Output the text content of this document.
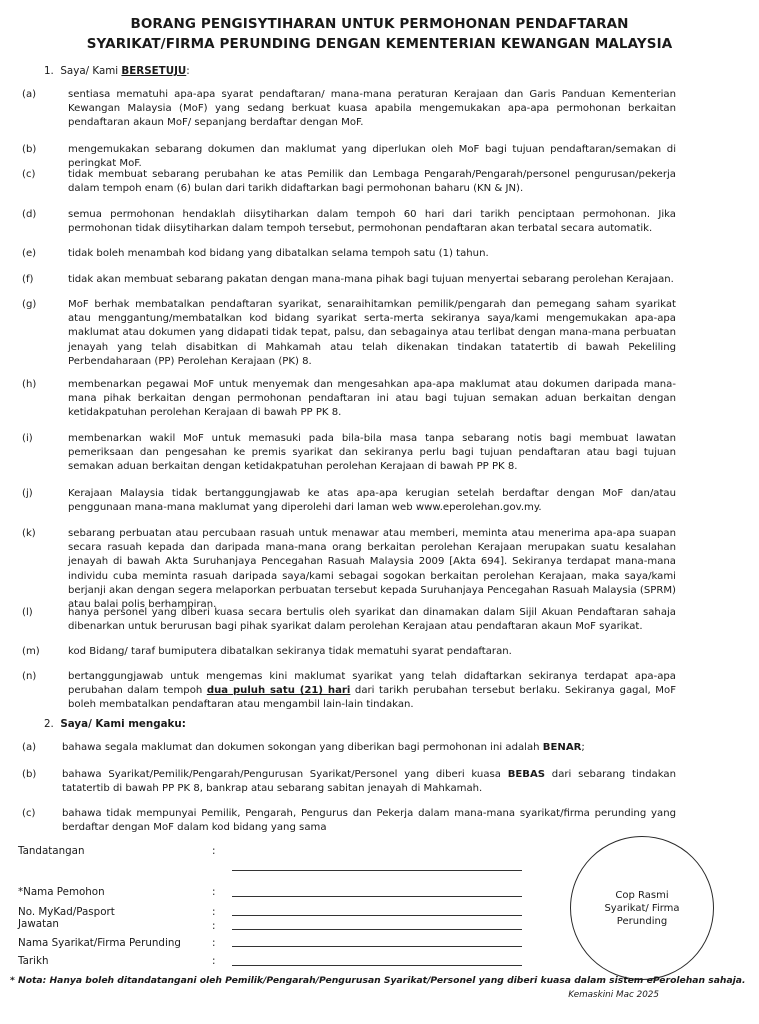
BORANG PENGISYTIHARAN UNTUK PERMOHONAN PENDAFTARAN
SYARIKAT/FIRMA PERUNDING DENGAN KEMENTERIAN KEWANGAN MALAYSIA
1. Saya/ Kami BERSETUJU:
(a)	sentiasa mematuhi apa-apa syarat pendaftaran/ mana-mana peraturan Kerajaan dan Garis Panduan Kementerian Kewangan Malaysia (MoF) yang sedang berkuat kuasa apabila mengemukakan apa-apa permohonan berkaitan pendaftaran akaun MoF/ sepanjang berdaftar dengan MoF.
(b)	mengemukakan sebarang dokumen dan maklumat yang diperlukan oleh MoF bagi tujuan pendaftaran/semakan di peringkat MoF.
(c)	tidak membuat sebarang perubahan ke atas Pemilik dan Lembaga Pengarah/Pengarah/personel pengurusan/pekerja dalam tempoh enam (6) bulan dari tarikh didaftarkan bagi permohonan baharu (KN & JN).
(d)	semua permohonan hendaklah diisytiharkan dalam tempoh 60 hari dari tarikh penciptaan permohonan. Jika permohonan tidak diisytiharkan dalam tempoh tersebut, permohonan pendaftaran akan terbatal secara automatik.
(e)	tidak boleh menambah kod bidang yang dibatalkan selama tempoh satu (1) tahun.
(f)	tidak akan membuat sebarang pakatan dengan mana-mana pihak bagi tujuan menyertai sebarang perolehan Kerajaan.
(g)	MoF berhak membatalkan pendaftaran syarikat, senaraihitamkan pemilik/pengarah dan pemegang saham syarikat atau menggantung/membatalkan kod bidang syarikat serta-merta sekiranya saya/kami mengemukakan apa-apa maklumat atau dokumen yang didapati tidak tepat, palsu, dan sebagainya atau terlibat dengan mana-mana perbuatan jenayah yang telah disabitkan di Mahkamah atau telah dikenakan tindakan tatatertib di bawah Pekeliling Perbendaharaan (PP) Perolehan Kerajaan (PK) 8.
(h)	membenarkan pegawai MoF untuk menyemak dan mengesahkan apa-apa maklumat atau dokumen daripada mana-mana pihak berkaitan dengan permohonan pendaftaran ini atau bagi tujuan semakan aduan berkaitan dengan ketidakpatuhan perolehan Kerajaan di bawah PP PK 8.
(i)	membenarkan wakil MoF untuk memasuki pada bila-bila masa tanpa sebarang notis bagi membuat lawatan pemeriksaan dan pengesahan ke premis syarikat dan sekiranya perlu bagi tujuan pendaftaran atau bagi tujuan semakan aduan berkaitan dengan ketidakpatuhan perolehan Kerajaan di bawah PP PK 8.
(j)	Kerajaan Malaysia tidak bertanggungjawab ke atas apa-apa kerugian setelah berdaftar dengan MoF dan/atau penggunaan mana-mana maklumat yang diperolehi dari laman web www.eperolehan.gov.my.
(k)	sebarang perbuatan atau percubaan rasuah untuk menawar atau memberi, meminta atau menerima apa-apa suapan secara rasuah kepada dan daripada mana-mana orang berkaitan perolehan Kerajaan merupakan suatu kesalahan jenayah di bawah Akta Suruhanjaya Pencegahan Rasuah Malaysia 2009 [Akta 694]. Sekiranya terdapat mana-mana individu cuba meminta rasuah daripada saya/kami sebagai sogokan berkaitan perolehan Kerajaan, maka saya/kami berjanji akan dengan segera melaporkan perbuatan tersebut kepada Suruhanjaya Pencegahan Rasuah Malaysia (SPRM) atau balai polis berhampiran.
(l)	hanya personel yang diberi kuasa secara bertulis oleh syarikat dan dinamakan dalam Sijil Akuan Pendaftaran sahaja dibenarkan untuk berurusan bagi pihak syarikat dalam perolehan Kerajaan atau pendaftaran akaun MoF syarikat.
(m)	kod Bidang/ taraf bumiputera dibatalkan sekiranya tidak mematuhi syarat pendaftaran.
(n)	bertanggungjawab untuk mengemas kini maklumat syarikat yang telah didaftarkan sekiranya terdapat apa-apa perubahan dalam tempoh dua puluh satu (21) hari dari tarikh perubahan tersebut berlaku. Sekiranya gagal, MoF boleh membatalkan pendaftaran atau mengambil lain-lain tindakan.
2. Saya/ Kami mengaku:
(a)	bahawa segala maklumat dan dokumen sokongan yang diberikan bagi permohonan ini adalah BENAR;
(b)	bahawa Syarikat/Pemilik/Pengarah/Pengurusan Syarikat/Personel yang diberi kuasa BEBAS dari sebarang tindakan tatatertib di bawah PP PK 8, bankrap atau sebarang sabitan jenayah di Mahkamah.
(c)	bahawa tidak mempunyai Pemilik, Pengarah, Pengurus dan Pekerja dalam mana-mana syarikat/firma perunding yang berdaftar dengan MoF dalam kod bidang yang sama
Tandatangan	:
*Nama Pemohon	:
No. MyKad/Pasport	:
Jawatan	:
Nama Syarikat/Firma Perunding	:
Tarikh	:
Cop Rasmi Syarikat/ Firma Perunding
* Nota: Hanya boleh ditandatangani oleh Pemilik/Pengarah/Pengurusan Syarikat/Personel yang diberi kuasa dalam sistem ePerolehan sahaja.
Kemaskini Mac 2025
